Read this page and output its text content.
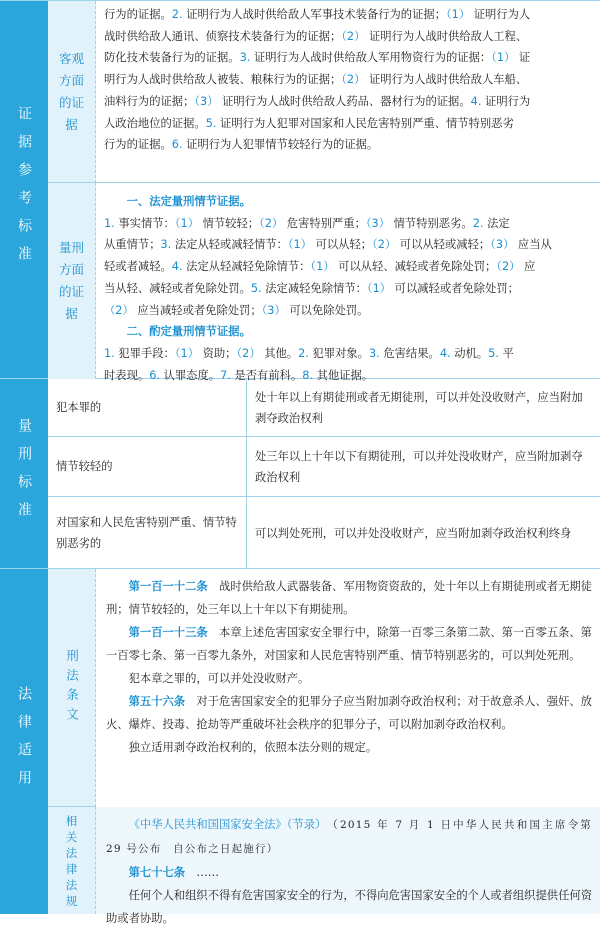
证据参考标准
客观方面的证据
行为的证据。2. 证明行为人战时供给敌人军事技术装备行为的证据；（1） 证明行为人
战时供给敌人通讯、侦察技术装备行为的证据；（2） 证明行为人战时供给敌人工程、
防化技术装备行为的证据。3. 证明行为人战时供给敌人军用物资行为的证据：（1） 证
明行为人战时供给敌人被装、粮秣行为的证据；（2） 证明行为人战时供给敌人车船、
油料行为的证据；（3） 证明行为人战时供给敌人药品、器材行为的证据。4. 证明行为
人政治地位的证据。5. 证明行为人犯罪对国家和人民危害特别严重、情节特别恶劣
行为的证据。6. 证明行为人犯罪情节较轻行为的证据。
量刑方面的证据
一、法定量刑情节证据。
1. 事实情节：（1） 情节较轻；（2） 危害特别严重；（3） 情节特别恶劣。2. 法定
从重情节；3. 法定从轻或减轻情节：（1） 可以从轻；（2） 可以从轻或减轻；（3） 应当从
轻或者减轻。4. 法定从轻减轻免除情节：（1） 可以从轻、减轻或者免除处罚；（2） 应
当从轻、减轻或者免除处罚。5. 法定减轻免除情节：（1） 可以减轻或者免除处罚；
（2） 应当减轻或者免除处罚；（3） 可以免除处罚。
二、酌定量刑情节证据。
1. 犯罪手段：（1） 资助；（2） 其他。2. 犯罪对象。3. 危害结果。4. 动机。5. 平
时表现。6. 认罪态度。7. 是否有前科。8. 其他证据。
量刑标准
犯本罪的
处十年以上有期徒刑或者无期徒刑，可以并处没收财产，应当附加剥夺政治权利
情节较轻的
处三年以上十年以下有期徒刑，可以并处没收财产，应当附加剥夺政治权利
对国家和人民危害特别严重、情节特别恶劣的
可以判处死刑，可以并处没收财产，应当附加剥夺政治权利终身
法律适用	刑法条文
第一百一十二条　 战时供给敌人武器装备、军用物资资敌的，处十年以上有期徒刑或者无期徒刑；情节较轻的，处三年以上十年以下有期徒刑。
第一百一十三条　 本章上述危害国家安全罪行中，除第一百零三条第二款、第一百零五条、第一百零七条、第一百零九条外，对国家和人民危害特别严重、情节特别恶劣的，可以判处死刑。
犯本章之罪的，可以并处没收财产。
第五十六条　 对于危害国家安全的犯罪分子应当附加剥夺政治权利；对于故意杀人、强奸、放火、爆炸、投毒、抢劫等严重破坏社会秩序的犯罪分子，可以附加剥夺政治权利。
独立适用剥夺政治权利的，依照本法分则的规定。
相关法律法规
《中华人民共和国国家安全法》（节录）（2015 年 7 月 1 日中华人民共和国主席令第 29 号公布　自公布之日起施行）
第七十七条　 ……
任何个人和组织不得有危害国家安全的行为，不得向危害国家安全的个人或者组织提供任何资助或者协助。
